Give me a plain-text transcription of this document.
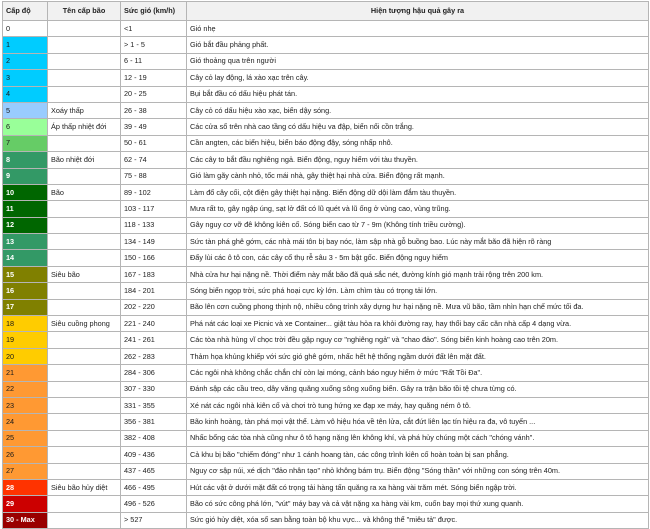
Cấp độ	Tên cấp bão	Sức gió (km/h)	Hiện tượng hậu quả gây ra
0		<1	Gió nhẹ
1		> 1 - 5	Gió bắt đầu phảng phất.
2		6 - 11	Gió thoảng qua trên người
3		12 - 19	Cây cỏ lay động, lá xào xạc trên cây.
4		20 - 25	Bụi bắt đầu có dấu hiệu phát tán.
5	Xoáy thấp	26 - 38	Cây cỏ có dấu hiệu xào xạc, biển dậy sóng.
6	Áp thấp nhiệt đới	39 - 49	Các cửa sổ trên nhà cao tầng có dấu hiệu va đập, biển nổi cồn trắng.
7		50 - 61	Cần angten, các biển hiệu, biển báo động đậy, sóng nhấp nhô.
8	Bão nhiệt đới	62 - 74	Các cây to bắt đầu nghiêng ngả. Biển động, nguy hiểm với tàu thuyền.
9		75 - 88	Gió làm gãy cành nhỏ, tốc mái nhà, gây thiệt hại nhà cửa. Biển động rất mạnh.
10	Bão	89 - 102	Làm đổ cây cối, cột điện gây thiệt hại nặng. Biển động dữ dội làm đắm tàu thuyền.
11		103 - 117	Mưa rất to, gây ngập úng, sạt lở đất có lũ quét và lũ ống ở vùng cao, vùng trũng.
12		118 - 133	Gây nguy cơ vỡ đê không kiên cố. Sóng biển cao từ 7 - 9m (Không tính triều cường).
13		134 - 149	Sức tàn phá ghê gớm, các nhà mái tôn bị bay nóc, làm sập nhà gỗ buồng bao. Lúc này mắt bão đã hiện rõ ràng
14		150 - 166	Đẩy lùi các ô tô con, các cây cổ thụ rễ sâu 3 - 5m bật gốc. Biển động nguy hiểm
15	Siêu bão	167 - 183	Nhà cửa hư hại nặng nề. Thời điểm này mắt bão đã quá sắc nét, đường kính gió mạnh trải rộng trên 200 km.
16		184 - 201	Sóng biển ngọp trời, sức phá hoại cực kỳ lớn. Làm chìm tàu có trọng tải lớn.
17		202 - 220	Bão lên cơn cuồng phong thịnh nộ, nhiều công trình xây dựng hư hại nặng nề. Mưa vũ bão, tầm nhìn hạn chế mức tối đa.
18	Siêu cuồng phong	221 - 240	Phá nát các loại xe Picnic và xe Container... giật tàu hỏa ra khỏi đường ray, hay thổi bay cấc căn nhà cấp 4 dạng vừa.
19		241 - 261	Các tòa nhà hùng vĩ chọc trời đều gặp nguy cơ "nghiêng ngả" và "chao đảo". Sóng biển kinh hoàng cao trên 20m.
20		262 - 283	Thảm họa khủng khiếp với sức gió ghê gớm, nhấc hết hệ thống ngầm dưới đất lên mặt đất.
21		284 - 306	Các ngôi nhà không chắc chắn chỉ còn lại móng, cảnh báo nguy hiểm ở mức "Rất Tồi Đa".
22		307 - 330	Đánh sập các cầu treo, dây văng quăng xuống sông xuống biển. Gây ra trận bão tồi tệ chưa từng có.
23		331 - 355	Xé nát các ngôi nhà kiên cố và chơi trò tung hứng xe đạp xe máy, hay quăng ném ô tô.
24		356 - 381	Bão kinh hoàng, tàn phá mọi vật thể. Làm vô hiệu hóa về tên lửa, cắt đứt liên lạc tín hiệu ra đa, vô tuyến ...
25		382 - 408	Nhấc bổng các tòa nhà cũng như ô tô hạng nặng lên không khí, và phá hủy chúng một cách "chóng vánh".
26		409 - 436	Cả khu bị bão "chiếm đóng" như 1 cánh hoang tàn, các công trình kiên cố hoàn toàn bị san phẳng.
27		437 - 465	Nguy cơ sập núi, xé dịch "đảo nhân tạo" nhỏ không bám trụ. Biển động "Sóng thần" với những con sóng trên 40m.
28	Siêu bão hủy diệt	466 - 495	Hút các vật ở dưới mặt đất có trọng tải hàng tấn quăng ra xa hàng vài trăm mét. Sóng biển ngập trời.
29		496 - 526	Bão có sức công phá lớn, "vút" máy bay và cả vật nặng xa hàng vài km, cuốn bay mọi thứ xung quanh.
30 - Max		> 527	Sức gió hủy diệt, xóa sổ san bằng toàn bộ khu vực... và không thể "miêu tả" được.
